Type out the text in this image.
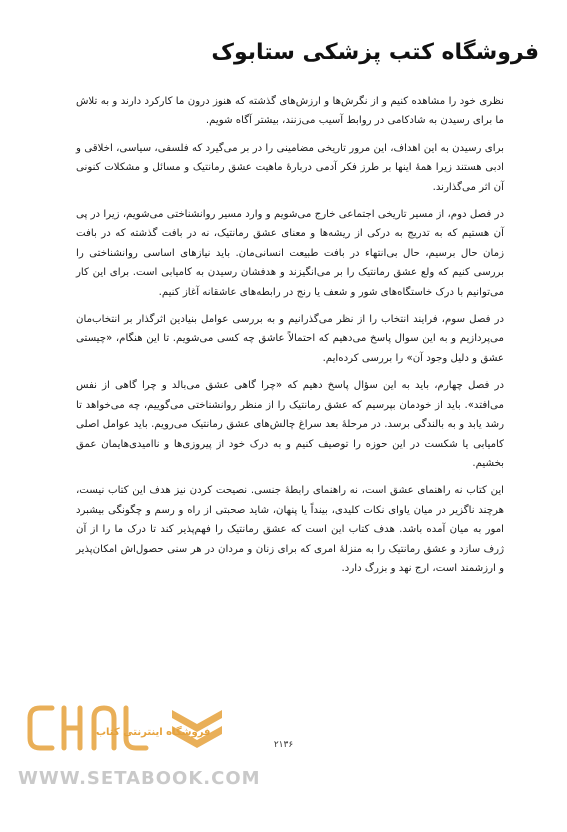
فروشگاه کتب پزشکی ستابوک

نظری خود را مشاهده کنیم و از نگرش‌ها و ارزش‌های گذشته که هنوز درون ما کارکرد دارند و به تلاش ما برای رسیدن به شادکامی در روابط آسیب می‌زنند، بیشتر آگاه شویم.

برای رسیدن به این اهداف، این مرور تاریخی مضامینی را در بر می‌گیرد که فلسفی، سیاسی، اخلاقی و ادبی هستند زیرا همهٔ اینها بر طرز فکر آدمی دربارهٔ ماهیت عشق رمانتیک و مسائل و مشکلات کنونی آن اثر می‌گذارند.

در فصل دوم، از مسیر تاریخی اجتماعی خارج می‌شویم و وارد مسیر روانشناختی می‌شویم، زیرا در پی آن هستیم که به تدریج به درکی از ریشه‌ها و معنای عشق رمانتیک، نه در بافت گذشته که در بافت زمان حال برسیم، حال بی‌انتهاء در بافت طبیعت انسانی‌مان. باید نیازهای اساسی روانشناختی را بررسی کنیم که ولع عشق رمانتیک را بر می‌انگیزند و هدفشان رسیدن به کامیابی است. برای این کار می‌توانیم با درک خاستگاه‌های شور و شعف یا رنج در رابطه‌های عاشقانه آغاز کنیم.

در فصل سوم، فرایند انتخاب را از نظر می‌گذرانیم و به بررسی عوامل بنیادین اثرگذار بر انتخاب‌مان می‌پردازیم و به این سوال پاسخ می‌دهیم که احتمالاً عاشق چه کسی می‌شویم. تا این هنگام، «چیستی عشق و دلیل وجود آن» را بررسی کرده‌ایم.

در فصل چهارم، باید به این سؤال پاسخ دهیم که «چرا گاهی عشق می‌بالد و چرا گاهی از نفس می‌افتد». باید از خودمان بپرسیم که عشق رمانتیک را از منظر روانشناختی می‌گوییم، چه می‌خواهد تا رشد یابد و به بالندگی برسد. در مرحلهٔ بعد سراغ چالش‌های عشق رمانتیک می‌رویم. باید عوامل اصلی کامیابی یا شکست در این حوزه را توصیف کنیم و به درک خود از پیروزی‌ها و ناامیدی‌هایمان عمق بخشیم.

این کتاب نه راهنمای عشق است، نه راهنمای رابطهٔ جنسی. نصیحت کردن نیز هدف این کتاب نیست، هرچند ناگزیر در میان یاوای نکات کلیدی، بینداً یا پنهان، شاید صحبتی از راه و رسم و چگونگی بیشبرد امور به میان آمده باشد. هدف کتاب این است که عشق رمانتیک را فهم‌پذیر کند تا درک ما را از آن ژرف سازد و عشق رمانتیک را به منزلهٔ امری که برای زنان و مردان در هر سنی حصول‌اش امکان‌پذیر و ارزشمند است، ارج نهد و بزرگ دارد.

۲۱۳۶
فروشگاه اینترنتی کتاب
WWW.SETABOOK.COM
